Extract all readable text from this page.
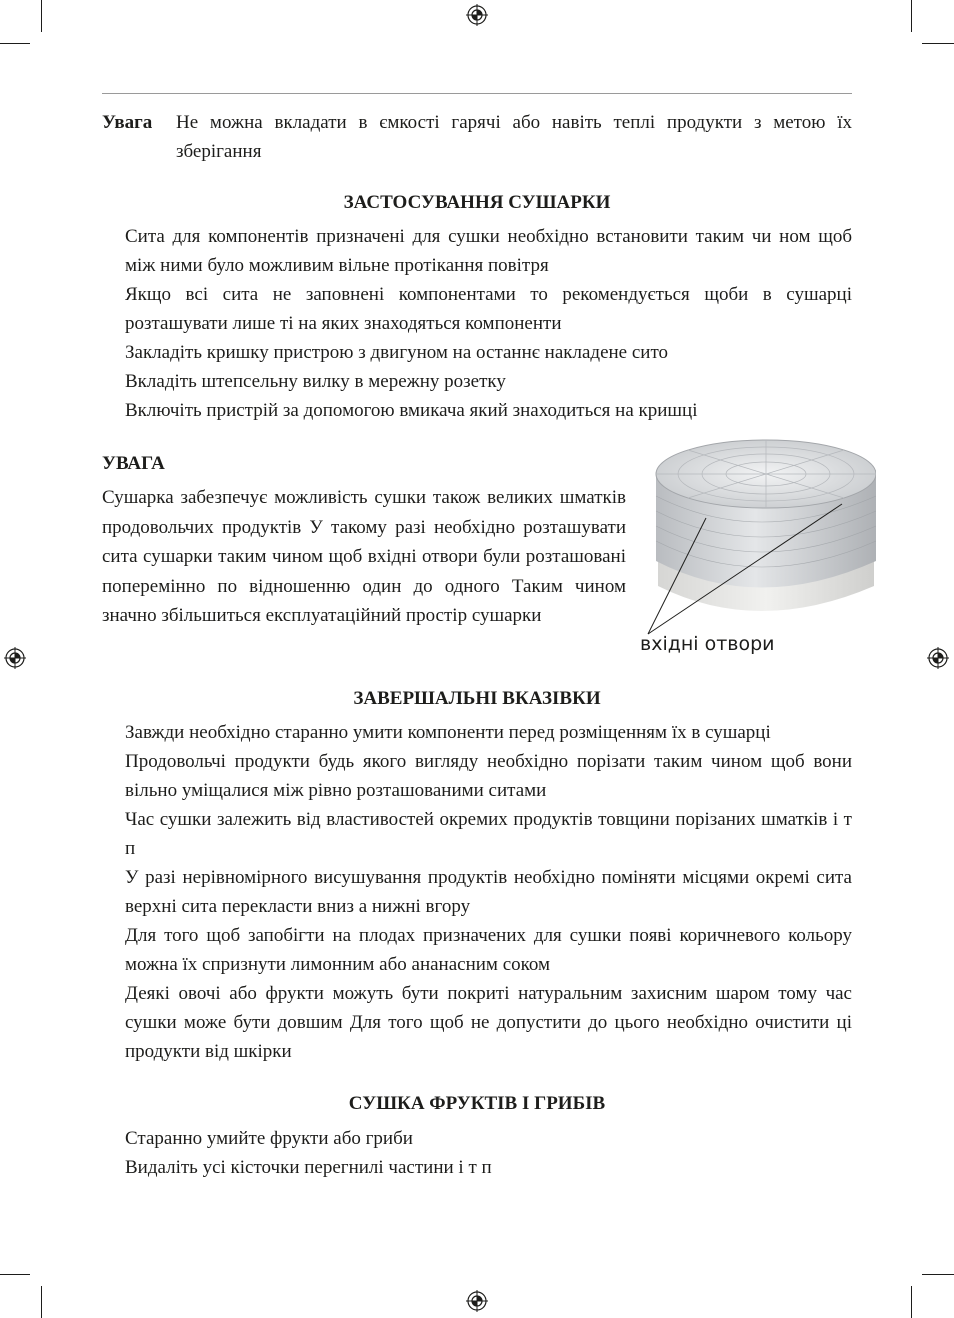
Увага Не можна вкладати в ємкості гарячі або навіть теплі продукти з метою їх зберігання
ЗАСТОСУВАННЯ СУШАРКИ

Сита для компонентів призначені для сушки необхідно встановити таким чи ном щоб між ними було можливим вільне протікання повітря

Якщо всі сита не заповнені компонентами то рекомендується щоби в сушарці розташувати лише ті на яких знаходяться компоненти

Закладіть кришку пристрою з двигуном на останнє накладене сито

Вкладіть штепсельну вилку в мережну розетку

Включіть пристрій за допомогою вмикача який знаходиться на кришці

УВАГА

Сушарка забезпечує можливість сушки також великих шматків продовольчих продуктів У такому разі необхідно розташувати сита сушарки таким чином щоб вхідні отвори були розташовані поперемінно по відношенню один до одного Таким чином значно збільшиться експлуатаційний простір сушарки

вхідні отвори
ЗАВЕРШАЛЬНІ ВКАЗІВКИ

Завжди необхідно старанно умити компоненти перед розміщенням їх в сушарці

Продовольчі продукти будь якого вигляду необхідно порізати таким чином щоб вони вільно уміщалися між рівно розташованими ситами

Час сушки залежить від властивостей окремих продуктів товщини порізаних шматків і т п

У разі нерівномірного висушування продуктів необхідно поміняти місцями окремі сита верхні сита перекласти вниз а нижні вгору

Для того щоб запобігти на плодах призначених для сушки появі коричневого кольору можна їх спризнути лимонним або ананасним соком

Деякі овочі або фрукти можуть бути покриті натуральним захисним шаром тому час сушки може бути довшим Для того щоб не допустити до цього необхідно очистити ці продукти від шкірки

СУШКА ФРУКТІВ І ГРИБІВ

Старанно умийте фрукти або гриби

Видаліть усі кісточки перегнилі частини і т п
